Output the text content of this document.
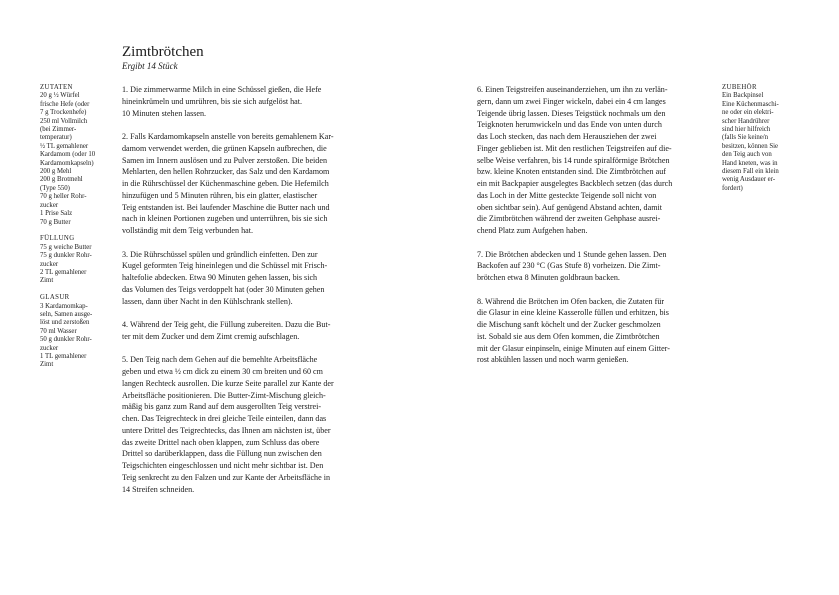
Zimtbrötchen
Ergibt 14 Stück
ZUTATEN
20 g ½ Würfel
frische Hefe (oder
7 g Trockenhefe)
250 ml Vollmilch
(bei Zimmer-
temperatur)
½ TL gemahlener
Kardamom (oder 10
Kardamomkapseln)
200 g Mehl
200 g Brotmehl
(Type 550)
70 g heller Rohr-
zucker
1 Prise Salz
70 g Butter
FÜLLUNG
75 g weiche Butter
75 g dunkler Rohr-
zucker
2 TL gemahlener
Zimt
GLASUR
3 Kardamomkap-
seln, Samen ausge-
löst und zerstoßen
70 ml Wasser
50 g dunkler Rohr-
zucker
1 TL gemahlener
Zimt

1. Die zimmerwarme Milch in eine Schüssel gießen, die Hefe
hineinkrümeln und umrühren, bis sie sich aufgelöst hat.
10 Minuten stehen lassen.

2. Falls Kardamomkapseln anstelle von bereits gemahlenem Kar-
damom verwendet werden, die grünen Kapseln aufbrechen, die
Samen im Innern auslösen und zu Pulver zerstoßen. Die beiden
Mehlarten, den hellen Rohrzucker, das Salz und den Kardamom
in die Rührschüssel der Küchenmaschine geben. Die Hefemilch
hinzufügen und 5 Minuten rühren, bis ein glatter, elastischer
Teig entstanden ist. Bei laufender Maschine die Butter nach und
nach in kleinen Portionen zugeben und unterrühren, bis sie sich
vollständig mit dem Teig verbunden hat.

3. Die Rührschüssel spülen und gründlich einfetten. Den zur
Kugel geformten Teig hineinlegen und die Schüssel mit Frisch-
haltefolie abdecken. Etwa 90 Minuten gehen lassen, bis sich
das Volumen des Teigs verdoppelt hat (oder 30 Minuten gehen
lassen, dann über Nacht in den Kühlschrank stellen).

4. Während der Teig geht, die Füllung zubereiten. Dazu die But-
ter mit dem Zucker und dem Zimt cremig aufschlagen.

5. Den Teig nach dem Gehen auf die bemehlte Arbeitsfläche
geben und etwa ½ cm dick zu einem 30 cm breiten und 60 cm
langen Rechteck ausrollen. Die kurze Seite parallel zur Kante der
Arbeitsfläche positionieren. Die Butter-Zimt-Mischung gleich-
mäßig bis ganz zum Rand auf dem ausgerollten Teig verstrei-
chen. Das Teigrechteck in drei gleiche Teile einteilen, dann das
untere Drittel des Teigrechtecks, das Ihnen am nächsten ist, über
das zweite Drittel nach oben klappen, zum Schluss das obere
Drittel so darüberklappen, dass die Füllung nun zwischen den
Teigschichten eingeschlossen und nicht mehr sichtbar ist. Den
Teig senkrecht zu den Falzen und zur Kante der Arbeitsfläche in
14 Streifen schneiden.

6. Einen Teigstreifen auseinanderziehen, um ihn zu verlän-
gern, dann um zwei Finger wickeln, dabei ein 4 cm langes
Teigende übrig lassen. Dieses Teigstück nochmals um den
Teigknoten herumwickeln und das Ende von unten durch
das Loch stecken, das nach dem Herausziehen der zwei
Finger geblieben ist. Mit den restlichen Teigstreifen auf die-
selbe Weise verfahren, bis 14 runde spiralförmige Brötchen
bzw. kleine Knoten entstanden sind. Die Zimtbrötchen auf
ein mit Backpapier ausgelegtes Backblech setzen (das durch
das Loch in der Mitte gesteckte Teigende soll nicht von
oben sichtbar sein). Auf genügend Abstand achten, damit
die Zimtbrötchen während der zweiten Gehphase ausrei-
chend Platz zum Aufgehen haben.

7. Die Brötchen abdecken und 1 Stunde gehen lassen. Den
Backofen auf 230 °C (Gas Stufe 8) vorheizen. Die Zimt-
brötchen etwa 8 Minuten goldbraun backen.

8. Während die Brötchen im Ofen backen, die Zutaten für
die Glasur in eine kleine Kasserolle füllen und erhitzen, bis
die Mischung sanft köchelt und der Zucker geschmolzen
ist. Sobald sie aus dem Ofen kommen, die Zimtbrötchen
mit der Glasur einpinseln, einige Minuten auf einem Gitter-
rost abkühlen lassen und noch warm genießen.

ZUBEHÖR
Ein Backpinsel
Eine Küchenmaschi-
ne oder ein elektri-
scher Handrührer
sind hier hilfreich
(falls Sie keine/n
besitzen, können Sie
den Teig auch von
Hand kneten, was in
diesem Fall ein klein
wenig Ausdauer er-
fordert)
